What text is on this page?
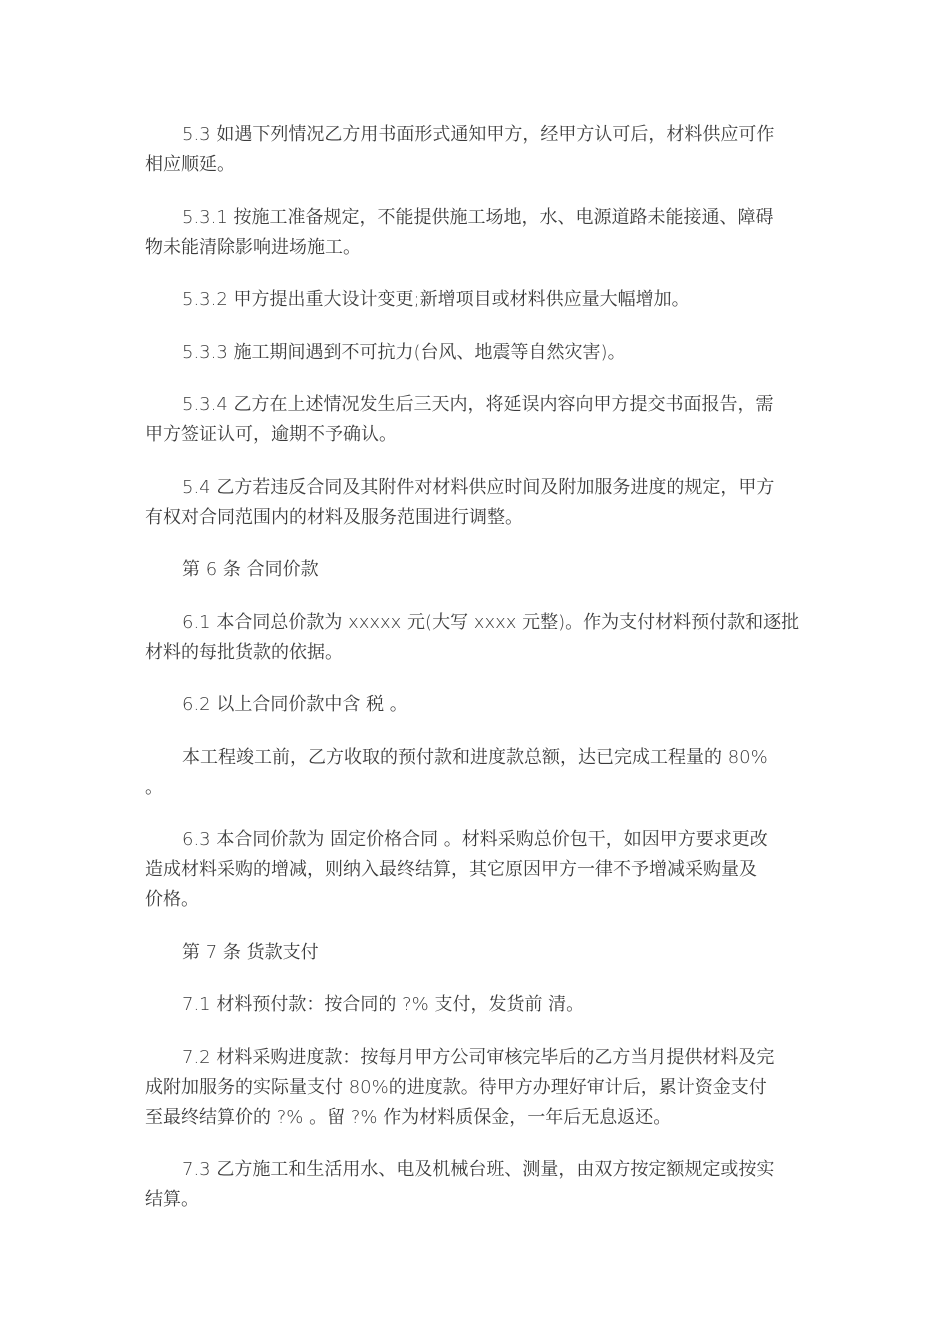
5.3 如遇下列情况乙方用书面形式通知甲方，经甲方认可后，材料供应可作
相应顺延。

5.3.1 按施工准备规定，不能提供施工场地，水、电源道路未能接通、障碍
物未能清除影响进场施工。

5.3.2 甲方提出重大设计变更;新增项目或材料供应量大幅增加。

5.3.3 施工期间遇到不可抗力(台风、地震等自然灾害)。

5.3.4 乙方在上述情况发生后三天内，将延误内容向甲方提交书面报告，需
甲方签证认可，逾期不予确认。

5.4 乙方若违反合同及其附件对材料供应时间及附加服务进度的规定，甲方
有权对合同范围内的材料及服务范围进行调整。

第 6 条 合同价款

6.1 本合同总价款为 xxxxx 元(大写 xxxx 元整)。作为支付材料预付款和逐批
材料的每批货款的依据。

6.2 以上合同价款中含 税 。

本工程竣工前，乙方收取的预付款和进度款总额，达已完成工程量的 80%
。

6.3 本合同价款为 固定价格合同 。材料采购总价包干，如因甲方要求更改
造成材料采购的增减，则纳入最终结算，其它原因甲方一律不予增减采购量及
价格。

第 7 条 货款支付

7.1 材料预付款：按合同的 ?% 支付，发货前 清。

7.2 材料采购进度款：按每月甲方公司审核完毕后的乙方当月提供材料及完
成附加服务的实际量支付 80%的进度款。待甲方办理好审计后，累计资金支付
至最终结算价的 ?% 。留 ?% 作为材料质保金，一年后无息返还。

7.3 乙方施工和生活用水、电及机械台班、测量，由双方按定额规定或按实
结算。
